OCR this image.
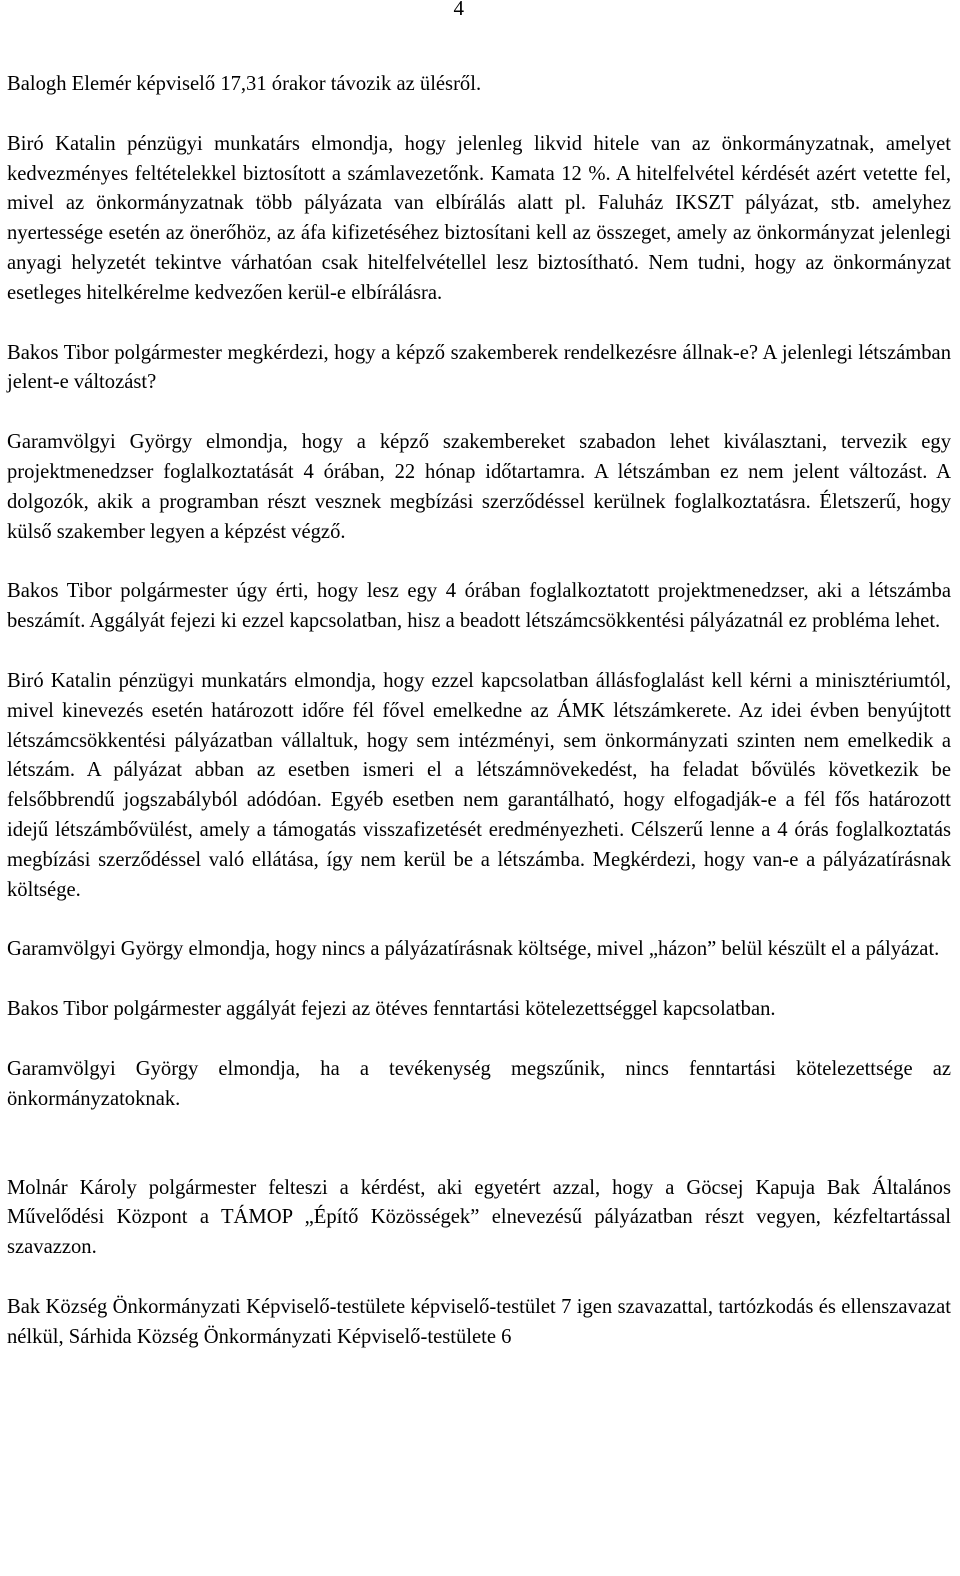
4

Balogh Elemér képviselő 17,31 órakor távozik az ülésről.

Biró Katalin pénzügyi munkatárs elmondja, hogy jelenleg likvid hitele van az önkormányzatnak, amelyet kedvezményes feltételekkel biztosított a számlavezetőnk. Kamata 12 %. A hitelfelvétel kérdését azért vetette fel, mivel az önkormányzatnak több pályázata van elbírálás alatt pl. Faluház IKSZT pályázat, stb. amelyhez nyertessége esetén az önerőhöz, az áfa kifizetéséhez biztosítani kell az összeget, amely az önkormányzat jelenlegi anyagi helyzetét tekintve várhatóan csak hitelfelvétellel lesz biztosítható. Nem tudni, hogy az önkormányzat esetleges hitelkérelme kedvezően kerül-e elbírálásra.

Bakos Tibor polgármester megkérdezi, hogy a képző szakemberek rendelkezésre állnak-e? A jelenlegi létszámban jelent-e változást?

Garamvölgyi György elmondja, hogy a képző szakembereket szabadon lehet kiválasztani, tervezik egy projektmenedzser foglalkoztatását 4 órában, 22 hónap időtartamra. A létszámban ez nem jelent változást. A dolgozók, akik a programban részt vesznek megbízási szerződéssel kerülnek foglalkoztatásra. Életszerű, hogy külső szakember legyen a képzést végző.

Bakos Tibor polgármester úgy érti, hogy lesz egy 4 órában foglalkoztatott projektmenedzser, aki a létszámba beszámít. Aggályát fejezi ki ezzel kapcsolatban, hisz a beadott létszámcsökkentési pályázatnál ez probléma lehet.

Biró Katalin pénzügyi munkatárs elmondja, hogy ezzel kapcsolatban állásfoglalást kell kérni a minisztériumtól, mivel kinevezés esetén határozott időre fél fővel emelkedne az ÁMK létszámkerete. Az idei évben benyújtott létszámcsökkentési pályázatban vállaltuk, hogy sem intézményi, sem önkormányzati szinten nem emelkedik a létszám. A pályázat abban az esetben ismeri el a létszámnövekedést, ha feladat bővülés következik be felsőbbrendű jogszabályból adódóan. Egyéb esetben nem garantálható, hogy elfogadják-e a fél fős határozott idejű létszámbővülést, amely a támogatás visszafizetését eredményezheti. Célszerű lenne a 4 órás foglalkoztatás megbízási szerződéssel való ellátása, így nem kerül be a létszámba. Megkérdezi, hogy van-e a pályázatírásnak költsége.

Garamvölgyi György elmondja, hogy nincs a pályázatírásnak költsége, mivel „házon” belül készült el a pályázat.

Bakos Tibor polgármester aggályát fejezi az ötéves fenntartási kötelezettséggel kapcsolatban.

Garamvölgyi György elmondja, ha a tevékenység megszűnik, nincs fenntartási kötelezettsége az önkormányzatoknak.

Molnár Károly polgármester felteszi a kérdést, aki egyetért azzal, hogy a Göcsej Kapuja Bak Általános Művelődési Központ a TÁMOP „Építő Közösségek” elnevezésű pályázatban részt vegyen, kézfeltartással szavazzon.

Bak Község Önkormányzati Képviselő-testülete képviselő-testület 7 igen szavazattal, tartózkodás és ellenszavazat nélkül, Sárhida Község Önkormányzati Képviselő-testülete 6
